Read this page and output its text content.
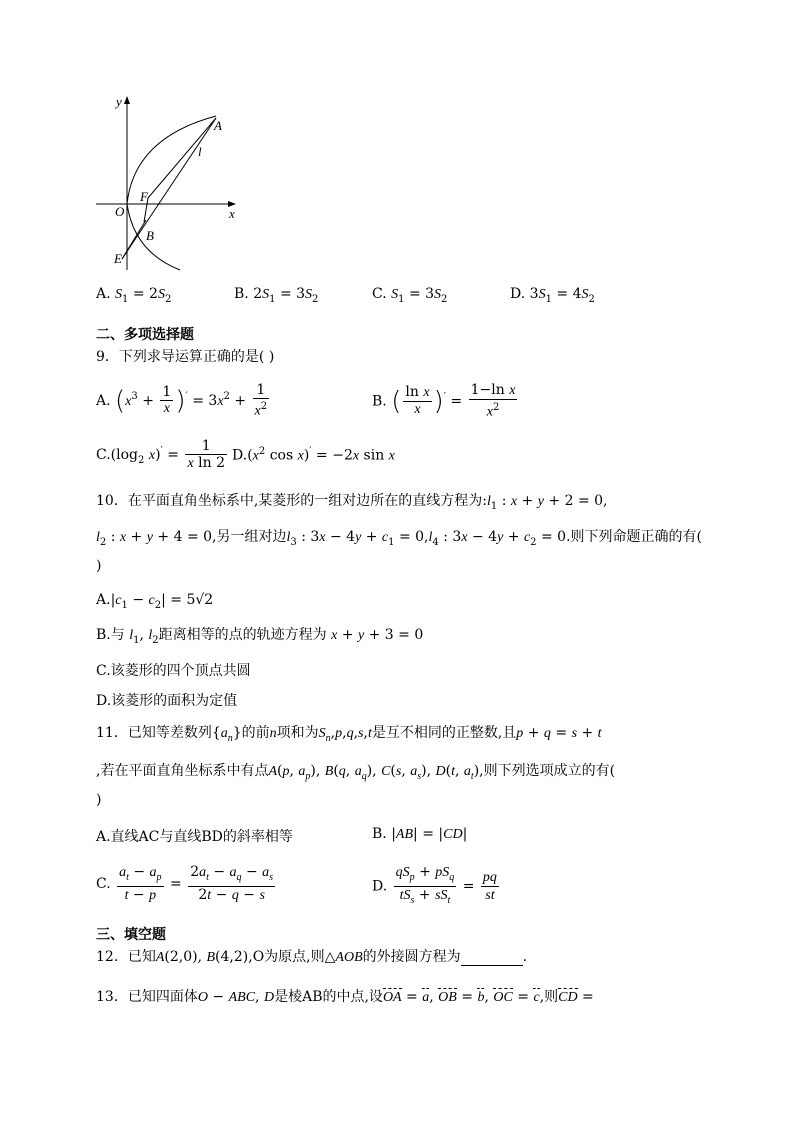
y
x
O
A
l
F
B
E
A. $S_1 = 2S_2$	B. $2S_1 = 3S_2$	C. $S_1 = 3S_2$	D. $3S_1 = 4S_2$
二、多项选择题
9．下列求导运算正确的是( )
A. $(x^3 + \frac{1}{x} )' = 3x^2 + \frac{1}{x^2}$	B. ( $\frac{\text{ln x}}{x} )' = \frac{\text{1−ln x}}{x^2}$
$C.(\log_2$ $x)' = \frac{1}{\text{x ln 2}} D.(x^2$ cos x)′ = −2x sin x
10．在平面直角坐标系中,某菱形的一组对边所在的直线方程为$:l_1$ : x + y + 2 = 0,
$l_2$ : x + y + 4 = 0,另一组对边$l_3$ : $3x - 4y + c_1 = 0,l_4$ : $3x - 4y + c_2 = 0$.则下列命题正确的有(
)
$A.|c_1 - c_2| = 5√2$
B.与 $l_1$, $l_2$距离相等的点的轨迹方程为 x + y + 3 = 0
C.该菱形的四个顶点共圆
D.该菱形的面积为定值
11．已知等差数列$\{a_n\}$的前n项和为$S_n,p,q,s,t$是互不相同的正整数,且p + q = s + t
,若在平面直角坐标系中有点A(p, $a_p$), B(q, $a_q$), C(s, $a_s$), D(t, $a_t$),则下列选项成立的有(
)
A.直线AC与直线BD的斜率相等	B. |AB| = |CD|
C. $\frac{a_t - a_p}{t - p} = \frac{2a_t - a_q - a_s}{2t - q - s}$	D. $\frac{qS_p + pS_q}{tS_s + sS_t} = \frac{pq}{st}$
三、填空题
12．已知A(2,0), B(4,2),O为原点,则△AOB的外接圆方程为	.
13．已知四面体O − ABC, D是棱AB的中点,设OA = a, OB = b, OC = c,则CD =
